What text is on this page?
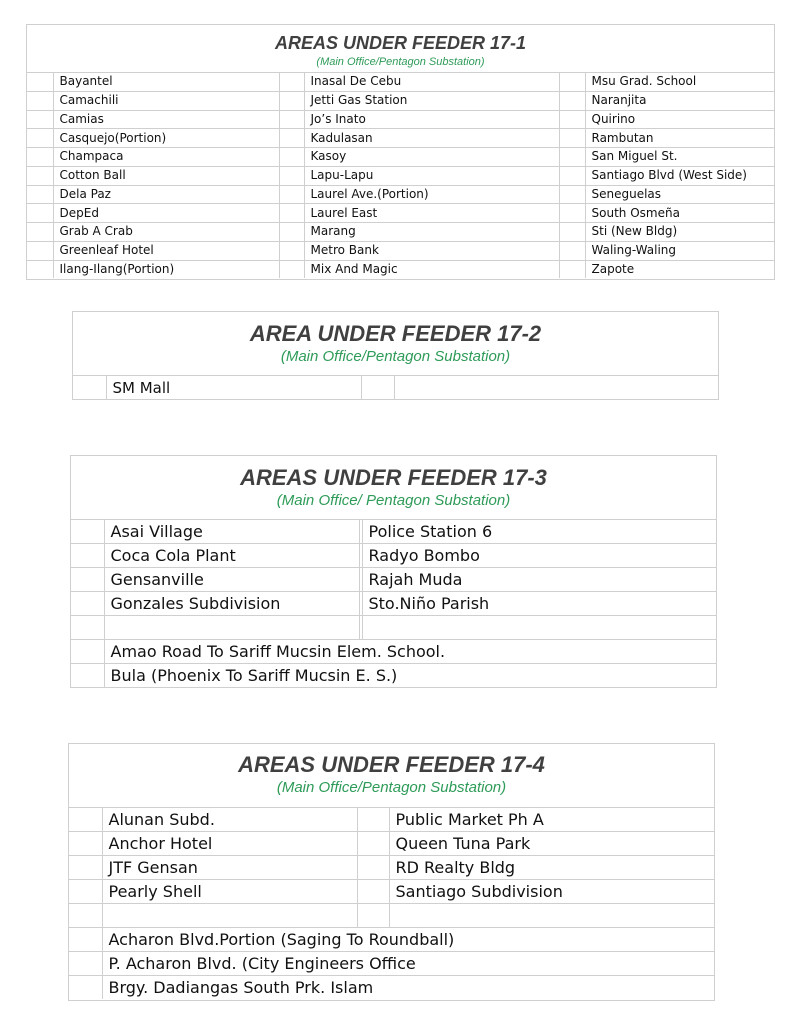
AREAS UNDER FEEDER 17-1
(Main Office/Pentagon Substation)
	Bayantel		Inasal De Cebu		Msu Grad. School
	Camachili		Jetti Gas Station		Naranjita
	Camias		Jo’s Inato		Quirino
	Casquejo(Portion)		Kadulasan		Rambutan
	Champaca		Kasoy		San Miguel St.
	Cotton Ball		Lapu-Lapu		Santiago Blvd (West Side)
	Dela Paz		Laurel Ave.(Portion)		Seneguelas
	DepEd		Laurel East		South Osmeña
	Grab A Crab		Marang		Sti (New Bldg)
	Greenleaf Hotel		Metro Bank		Waling-Waling
	Ilang-Ilang(Portion)		Mix And Magic		Zapote
AREA UNDER FEEDER 17-2
(Main Office/Pentagon Substation)
	SM Mall		
AREAS UNDER FEEDER 17-3
(Main Office/ Pentagon Substation)
	Asai Village		Police Station 6
	Coca Cola Plant		Radyo Bombo
	Gensanville		Rajah Muda
	Gonzales Subdivision		Sto.Niño Parish

	Amao Road To Sariff Mucsin Elem. School.		
	Bula (Phoenix To Sariff Mucsin E. S.)		
AREAS UNDER FEEDER 17-4
(Main Office/Pentagon Substation)
	Alunan Subd.		Public Market Ph A
	Anchor Hotel		Queen Tuna Park
	JTF Gensan		RD Realty Bldg
	Pearly Shell		Santiago Subdivision

	Acharon Blvd.Portion (Saging To Roundball)		
	P. Acharon Blvd. (City Engineers Office		
	Brgy. Dadiangas South Prk. Islam		
